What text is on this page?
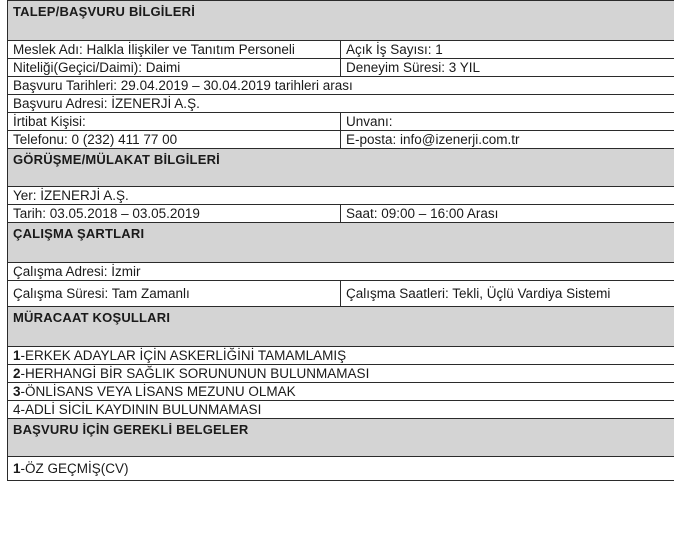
TALEP/BAŞVURU BİLGİLERİ	
Meslek Adı: Halkla İlişkiler ve Tanıtım Personeli	Açık İş Sayısı: 1
Niteliği(Geçici/Daimi): Daimi	Deneyim Süresi: 3 YIL
Başvuru Tarihleri: 29.04.2019 – 30.04.2019 tarihleri arası	
Başvuru Adresi: İZENERJİ A.Ş.	
İrtibat Kişisi:	Unvanı:
Telefonu: 0 (232) 411 77 00	E-posta: info@izenerji.com.tr
GÖRÜŞME/MÜLAKAT BİLGİLERİ	
Yer: İZENERJİ A.Ş.	
Tarih: 03.05.2018 – 03.05.2019	Saat: 09:00 – 16:00 Arası
ÇALIŞMA ŞARTLARI	
Çalışma Adresi: İzmir	
Çalışma Süresi: Tam Zamanlı	Çalışma Saatleri: Tekli, Üçlü Vardiya Sistemi
MÜRACAAT KOŞULLARI	
1-ERKEK ADAYLAR İÇİN ASKERLİĞİNİ TAMAMLAMIŞ	
2-HERHANGİ BİR SAĞLIK SORUNUNUN BULUNMAMASI	
3-ÖNLİSANS VEYA LİSANS MEZUNU OLMAK	
4-ADLİ SİCİL KAYDININ BULUNMAMASI	
BAŞVURU İÇİN GEREKLİ BELGELER	
1-ÖZ GEÇMİŞ(CV)	
